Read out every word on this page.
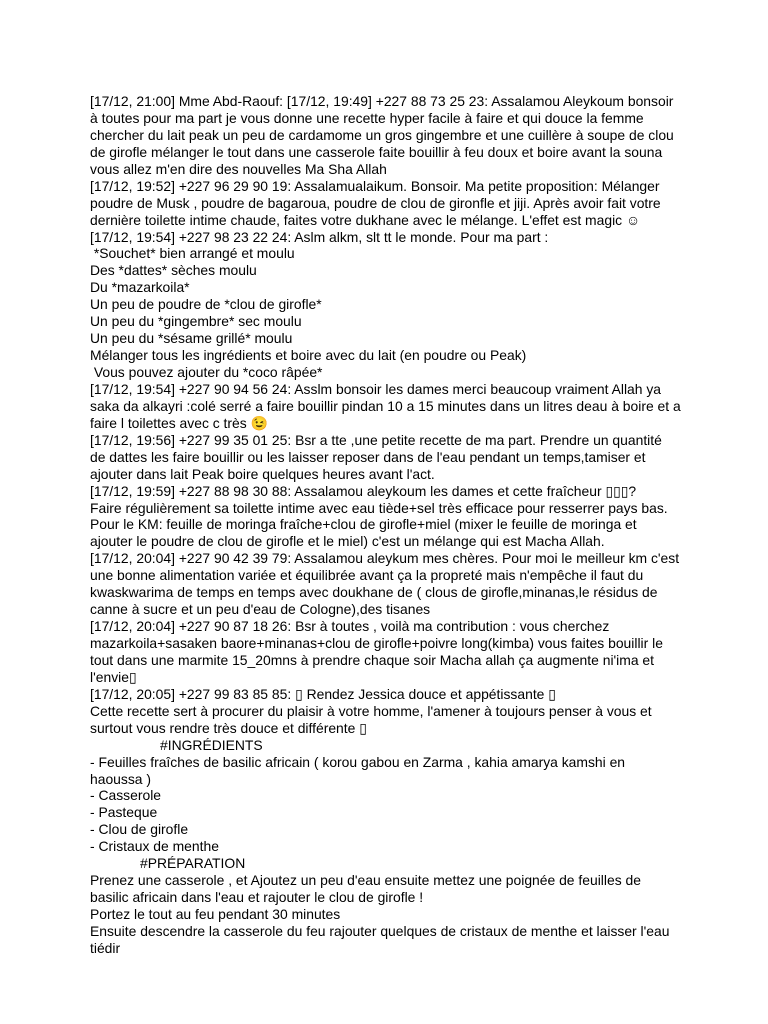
[17/12, 21:00] Mme Abd-Raouf: [17/12, 19:49] +227 88 73 25 23: Assalamou Aleykoum bonsoir
à toutes pour ma part je vous donne une recette hyper facile à faire et qui douce la femme
chercher du lait peak un peu de cardamome un gros gingembre et une cuillère à soupe de clou
de girofle mélanger le tout dans une casserole faite bouillir à feu doux et boire avant la souna
vous allez m'en dire des nouvelles Ma Sha Allah
[17/12, 19:52] +227 96 29 90 19: Assalamualaikum. Bonsoir. Ma petite proposition: Mélanger
poudre de Musk , poudre de bagaroua, poudre de clou de gironfle et jiji. Après avoir fait votre
dernière toilette intime chaude, faites votre dukhane avec le mélange. L'effet est magic ☺
[17/12, 19:54] +227 98 23 22 24: Aslm alkm, slt tt le monde. Pour ma part :
*Souchet* bien arrangé et moulu
Des *dattes* sèches moulu
Du *mazarkoila*
Un peu de poudre de *clou de girofle*
Un peu du *gingembre* sec moulu
Un peu du *sésame grillé* moulu
Mélanger tous les ingrédients et boire avec du lait (en poudre ou Peak)
Vous pouvez ajouter du *coco râpée*
[17/12, 19:54] +227 90 94 56 24: Asslm bonsoir les dames merci beaucoup vraiment Allah ya
saka da alkayri :colé serré a faire bouillir pindan 10 a 15 minutes dans un litres deau à boire et a
faire l toilettes avec c très 😉
[17/12, 19:56] +227 99 35 01 25: Bsr a tte ,une petite recette de ma part. Prendre un quantité
de dattes les faire bouillir ou les laisser reposer dans de l'eau pendant un temps,tamiser et
ajouter dans lait Peak boire quelques heures avant l'act.
[17/12, 19:59] +227 88 98 30 88: Assalamou aleykoum les dames et cette fraîcheur ▯▯▯?
Faire régulièrement sa toilette intime avec eau tiède+sel très efficace pour resserrer pays bas.
Pour le KM: feuille de moringa fraîche+clou de girofle+miel (mixer le feuille de moringa et
ajouter le poudre de clou de girofle et le miel) c'est un mélange qui est Macha Allah.
[17/12, 20:04] +227 90 42 39 79: Assalamou aleykum mes chères. Pour moi le meilleur km c'est
une bonne alimentation variée et équilibrée avant ça la propreté mais n'empêche il faut du
kwaskwarima de temps en temps avec doukhane de ( clous de girofle,minanas,le résidus de
canne à sucre et un peu d'eau de Cologne),des tisanes
[17/12, 20:04] +227 90 87 18 26: Bsr à toutes , voilà ma contribution : vous cherchez
mazarkoila+sasaken baore+minanas+clou de girofle+poivre long(kimba) vous faites bouillir le
tout dans une marmite 15_20mns à prendre chaque soir Macha allah ça augmente ni'ima et
l'envie▯
[17/12, 20:05] +227 99 83 85 85: ▯ Rendez Jessica douce et appétissante ▯
Cette recette sert à procurer du plaisir à votre homme, l'amener à toujours penser à vous et
surtout vous rendre très douce et différente ▯
#INGRÉDIENTS
- Feuilles fraîches de basilic africain ( korou gabou en Zarma , kahia amarya kamshi en
haoussa )
- Casserole
- Pasteque
- Clou de girofle
- Cristaux de menthe
#PRÉPARATION
Prenez une casserole , et Ajoutez un peu d'eau ensuite mettez une poignée de feuilles de
basilic africain dans l'eau et rajouter le clou de girofle !
Portez le tout au feu pendant 30 minutes
Ensuite descendre la casserole du feu rajouter quelques de cristaux de menthe et laisser l'eau
tiédir
